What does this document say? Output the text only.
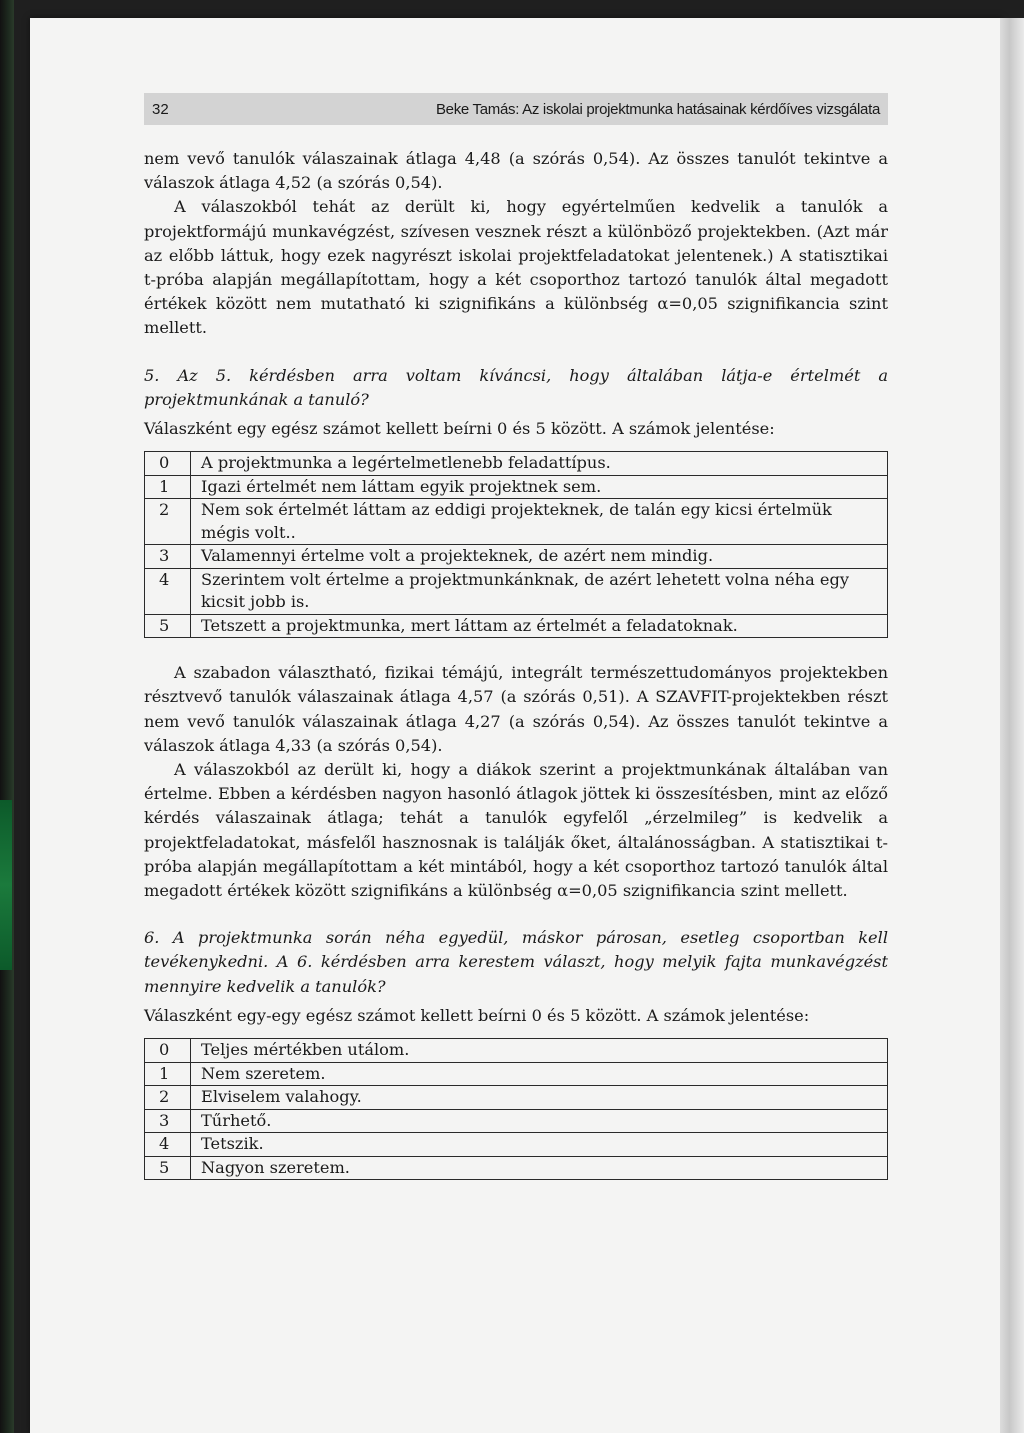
32	Beke Tamás: Az iskolai projektmunka hatásainak kérdőíves vizsgálata

nem vevő tanulók válaszainak átlaga 4,48 (a szórás 0,54). Az összes tanulót tekintve a válaszok átlaga 4,52 (a szórás 0,54).

A válaszokból tehát az derült ki, hogy egyértelműen kedvelik a tanulók a projektformájú munkavégzést, szívesen vesznek részt a különböző projektekben. (Azt már az előbb láttuk, hogy ezek nagyrészt iskolai projektfeladatokat jelentenek.) A statisztikai t-próba alapján megállapítottam, hogy a két csoporthoz tartozó tanulók által megadott értékek között nem mutatható ki szignifikáns a különbség α=0,05 szignifikancia szint mellett.

5. Az 5. kérdésben arra voltam kíváncsi, hogy általában látja-e értelmét a projektmunkának a tanuló?

Válaszként egy egész számot kellett beírni 0 és 5 között. A számok jelentése:

0	A projektmunka a legértelmetlenebb feladattípus.
1	Igazi értelmét nem láttam egyik projektnek sem.
2	Nem sok értelmét láttam az eddigi projekteknek, de talán egy kicsi értelmük mégis volt..
3	Valamennyi értelme volt a projekteknek, de azért nem mindig.
4	Szerintem volt értelme a projektmunkánknak, de azért lehetett volna néha egy kicsit jobb is.
5	Tetszett a projektmunka, mert láttam az értelmét a feladatoknak.

A szabadon választható, fizikai témájú, integrált természettudományos projektekben résztvevő tanulók válaszainak átlaga 4,57 (a szórás 0,51). A SZAVFIT-projektekben részt nem vevő tanulók válaszainak átlaga 4,27 (a szórás 0,54). Az összes tanulót tekintve a válaszok átlaga 4,33 (a szórás 0,54).

A válaszokból az derült ki, hogy a diákok szerint a projektmunkának általában van értelme. Ebben a kérdésben nagyon hasonló átlagok jöttek ki összesítésben, mint az előző kérdés válaszainak átlaga; tehát a tanulók egyfelől „érzelmileg” is kedvelik a projektfeladatokat, másfelől hasznosnak is találják őket, általánosságban. A statisztikai t-próba alapján megállapítottam a két mintából, hogy a két csoporthoz tartozó tanulók által megadott értékek között szignifikáns a különbség α=0,05 szignifikancia szint mellett.

6. A projektmunka során néha egyedül, máskor párosan, esetleg csoportban kell tevékenykedni. A 6. kérdésben arra kerestem választ, hogy melyik fajta munkavégzést mennyire kedvelik a tanulók?

Válaszként egy-egy egész számot kellett beírni 0 és 5 között. A számok jelentése:

0	Teljes mértékben utálom.
1	Nem szeretem.
2	Elviselem valahogy.
3	Tűrhető.
4	Tetszik.
5	Nagyon szeretem.
